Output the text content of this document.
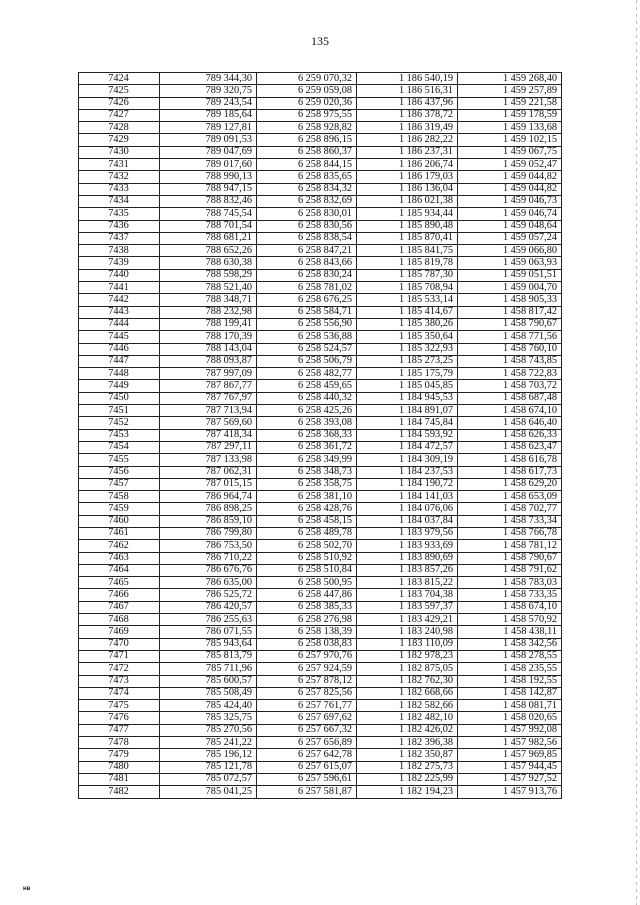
135
7424	789 344,30	6 259 070,32	1 186 540,19	1 459 268,40
7425	789 320,75	6 259 059,08	1 186 516,31	1 459 257,89
7426	789 243,54	6 259 020,36	1 186 437,96	1 459 221,58
7427	789 185,64	6 258 975,55	1 186 378,72	1 459 178,59
7428	789 127,81	6 258 928,82	1 186 319,49	1 459 133,68
7429	789 091,53	6 258 896,15	1 186 282,22	1 459 102,15
7430	789 047,69	6 258 860,37	1 186 237,31	1 459 067,75
7431	789 017,60	6 258 844,15	1 186 206,74	1 459 052,47
7432	788 990,13	6 258 835,65	1 186 179,03	1 459 044,82
7433	788 947,15	6 258 834,32	1 186 136,04	1 459 044,82
7434	788 832,46	6 258 832,69	1 186 021,38	1 459 046,73
7435	788 745,54	6 258 830,01	1 185 934,44	1 459 046,74
7436	788 701,54	6 258 830,56	1 185 890,48	1 459 048,64
7437	788 681,21	6 258 838,54	1 185 870,41	1 459 057,24
7438	788 652,26	6 258 847,21	1 185 841,75	1 459 066,80
7439	788 630,38	6 258 843,66	1 185 819,78	1 459 063,93
7440	788 598,29	6 258 830,24	1 185 787,30	1 459 051,51
7441	788 521,40	6 258 781,02	1 185 708,94	1 459 004,70
7442	788 348,71	6 258 676,25	1 185 533,14	1 458 905,33
7443	788 232,98	6 258 584,71	1 185 414,67	1 458 817,42
7444	788 199,41	6 258 556,90	1 185 380,26	1 458 790,67
7445	788 170,39	6 258 536,88	1 185 350,64	1 458 771,56
7446	788 143,04	6 258 524,57	1 185 322,93	1 458 760,10
7447	788 093,87	6 258 506,79	1 185 273,25	1 458 743,85
7448	787 997,09	6 258 482,77	1 185 175,79	1 458 722,83
7449	787 867,77	6 258 459,65	1 185 045,85	1 458 703,72
7450	787 767,97	6 258 440,32	1 184 945,53	1 458 687,48
7451	787 713,94	6 258 425,26	1 184 891,07	1 458 674,10
7452	787 569,60	6 258 393,08	1 184 745,84	1 458 646,40
7453	787 418,34	6 258 368,33	1 184 593,92	1 458 626,33
7454	787 297,11	6 258 361,72	1 184 472,57	1 458 623,47
7455	787 133,98	6 258 349,99	1 184 309,19	1 458 616,78
7456	787 062,31	6 258 348,73	1 184 237,53	1 458 617,73
7457	787 015,15	6 258 358,75	1 184 190,72	1 458 629,20
7458	786 964,74	6 258 381,10	1 184 141,03	1 458 653,09
7459	786 898,25	6 258 428,76	1 184 076,06	1 458 702,77
7460	786 859,10	6 258 458,15	1 184 037,84	1 458 733,34
7461	786 799,80	6 258 489,78	1 183 979,56	1 458 766,78
7462	786 753,50	6 258 502,70	1 183 933,69	1 458 781,12
7463	786 710,22	6 258 510,92	1 183 890,69	1 458 790,67
7464	786 676,76	6 258 510,84	1 183 857,26	1 458 791,62
7465	786 635,00	6 258 500,95	1 183 815,22	1 458 783,03
7466	786 525,72	6 258 447,86	1 183 704,38	1 458 733,35
7467	786 420,57	6 258 385,33	1 183 597,37	1 458 674,10
7468	786 255,63	6 258 276,98	1 183 429,21	1 458 570,92
7469	786 071,55	6 258 138,39	1 183 240,98	1 458 438,11
7470	785 943,64	6 258 038,83	1 183 110,09	1 458 342,56
7471	785 813,79	6 257 970,76	1 182 978,23	1 458 278,55
7472	785 711,96	6 257 924,59	1 182 875,05	1 458 235,55
7473	785 600,57	6 257 878,12	1 182 762,30	1 458 192,55
7474	785 508,49	6 257 825,56	1 182 668,66	1 458 142,87
7475	785 424,40	6 257 761,77	1 182 582,66	1 458 081,71
7476	785 325,75	6 257 697,62	1 182 482,10	1 458 020,65
7477	785 270,56	6 257 667,32	1 182 426,02	1 457 992,08
7478	785 241,22	6 257 656,89	1 182 396,38	1 457 982,56
7479	785 196,12	6 257 642,78	1 182 350,87	1 457 969,85
7480	785 121,78	6 257 615,07	1 182 275,73	1 457 944,45
7481	785 072,57	6 257 596,61	1 182 225,99	1 457 927,52
7482	785 041,25	6 257 581,87	1 182 194,23	1 457 913,76
нв
